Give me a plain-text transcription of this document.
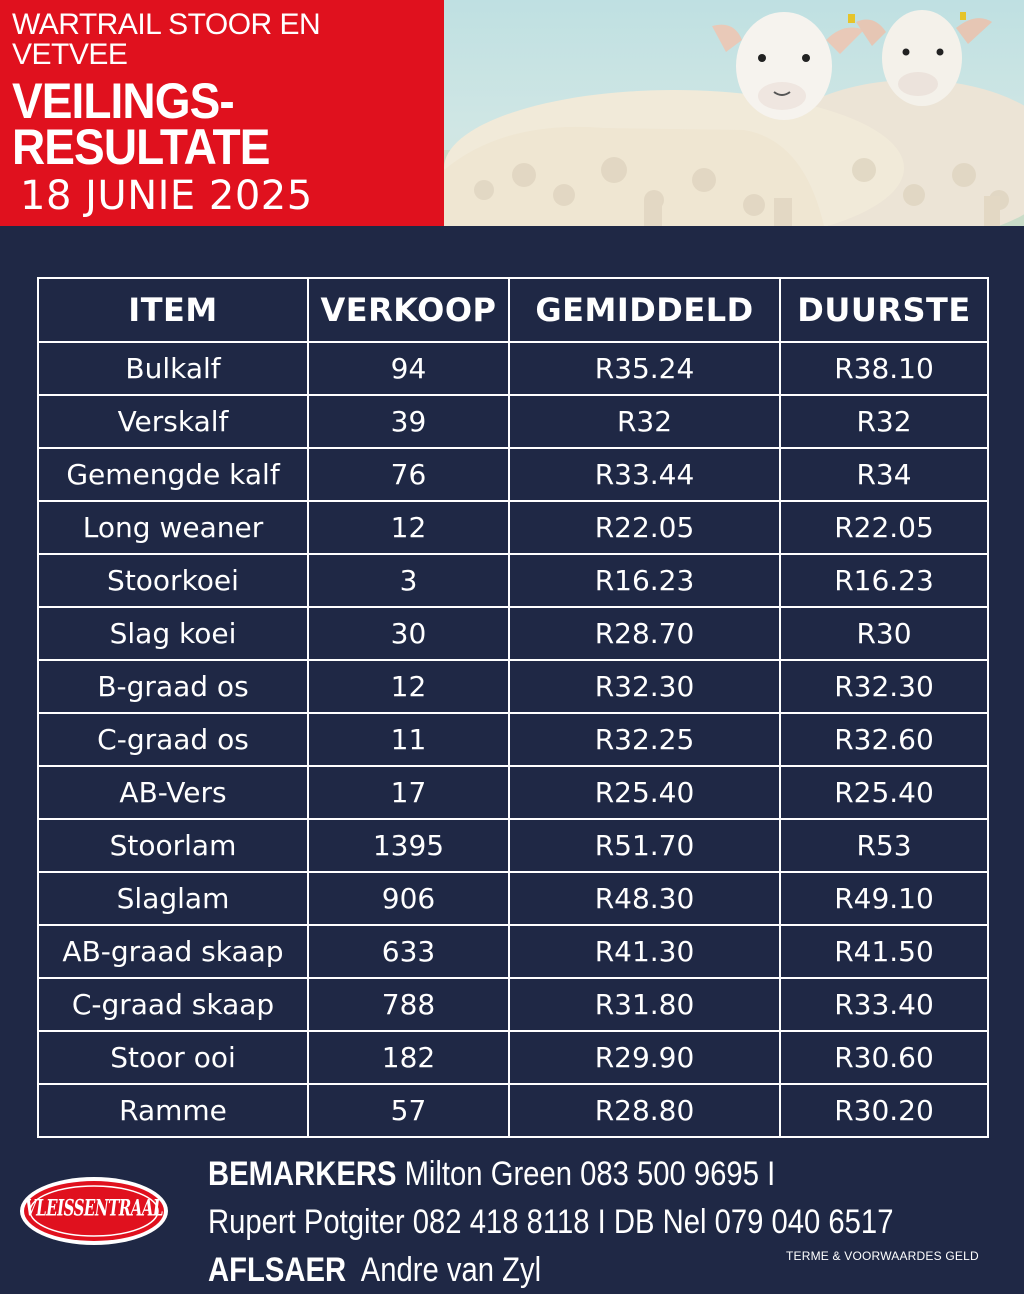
WARTRAIL STOOR EN VETVEE
VEILINGS-
RESULTATE
18 JUNIE 2025
ITEM	VERKOOP	GEMIDDELD	DUURSTE
Bulkalf	94	R35.24	R38.10
Verskalf	39	R32	R32
Gemengde kalf	76	R33.44	R34
Long weaner	12	R22.05	R22.05
Stoorkoei	3	R16.23	R16.23
Slag koei	30	R28.70	R30
B-graad os	12	R32.30	R32.30
C-graad os	11	R32.25	R32.60
AB-Vers	17	R25.40	R25.40
Stoorlam	1395	R51.70	R53
Slaglam	906	R48.30	R49.10
AB-graad skaap	633	R41.30	R41.50
C-graad skaap	788	R31.80	R33.40
Stoor ooi	182	R29.90	R30.60
Ramme	57	R28.80	R30.20
VLEISSENTRAAL
BEMARKERS Milton Green 083 500 9695 I
Rupert Potgiter 082 418 8118 I DB Nel 079 040 6517
AFLSAER Andre van Zyl	TERME & VOORWAARDES GELD
